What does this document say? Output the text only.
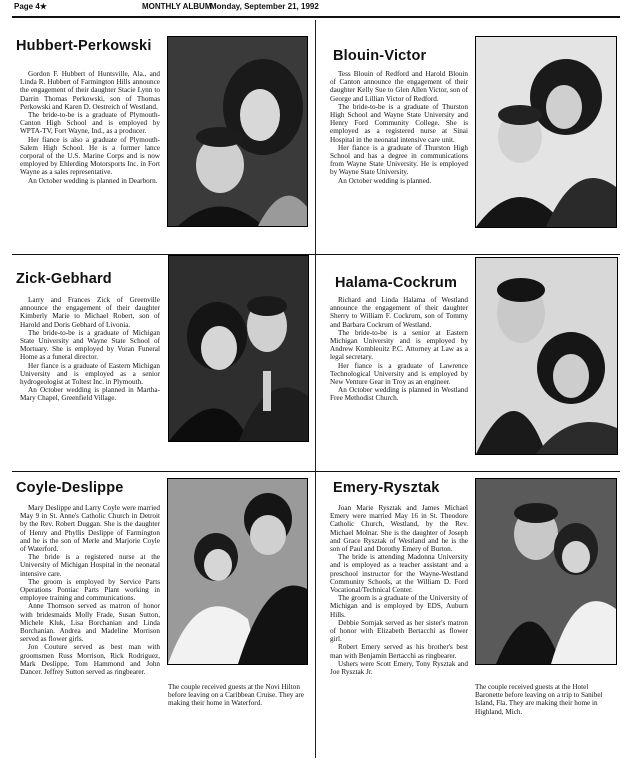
Page 4★	MONTHLY ALBUM
Monday, September 21, 1992
Hubbert-Perkowski

Gordon F. Hubbert of Huntsville, Ala., and Linda R. Hubbert of Farmington Hills announce the engagement of their daughter Stacie Lynn to Darrin Thomas Perkowski, son of Thomas Perkowski and Karen D. Oestreich of Westland.

The bride-to-be is a graduate of Plymouth-Canton High School and is employed by WPTA-TV, Fort Wayne, Ind., as a producer.

Her fiance is also a graduate of Plymouth-Salem High School. He is a former lance corporal of the U.S. Marine Corps and is now employed by Ehlerding Motorsports Inc. in Fort Wayne as a sales representative.

An October wedding is planned in Dearborn.

Blouin-Victor

Tess Blouin of Redford and Harold Blouin of Canton announce the engagement of their daughter Kelly Sue to Glen Allen Victor, son of George and Lillian Victor of Redford.

The bride-to-be is a graduate of Thurston High School and Wayne State University and Henry Ford Community College. She is employed as a registered nurse at Sinai Hospital in the neonatal intensive care unit.

Her fiance is a graduate of Thurston High School and has a degree in communications from Wayne State University. He is employed by Wayne State University.

An October wedding is planned.

Zick-Gebhard

Larry and Frances Zick of Greenville announce the engagement of their daughter Kimberly Marie to Michael Robert, son of Harold and Doris Gebhard of Livonia.

The bride-to-be is a graduate of Michigan State University and Wayne State School of Mortuary. She is employed by Voran Funeral Home as a funeral director.

Her fiance is a graduate of Eastern Michigan University and is employed as a senior hydrogeologist at Toltest Inc. in Plymouth.

An October wedding is planned in Martha-Mary Chapel, Greenfield Village.

Halama-Cockrum

Richard and Linda Halama of Westland announce the engagement of their daughter Sherry to William F. Cockrum, son of Tommy and Barbara Cockrum of Westland.

The bride-to-be is a senior at Eastern Michigan University and is employed by Andrew Kombleuitz P.C. Attorney at Law as a legal secretary.

Her fiance is a graduate of Lawrence Technological University and is employed by New Venture Gear in Troy as an engineer.

An October wedding is planned in Westland Free Methodist Church.

Coyle-Deslippe

Mary Deslippe and Larry Coyle were married May 9 in St. Anne's Catholic Church in Detroit by the Rev. Robert Duggan. She is the daughter of Henry and Phyllis Deslippe of Farmington and he is the son of Merle and Marjorie Coyle of Waterford.

The bride is a registered nurse at the University of Michigan Hospital in the neonatal intensive care.

The groom is employed by Service Parts Operations Pontiac Parts Plant working in employee training and communications.

Anne Thomson served as matron of honor with bridesmaids Molly Frade, Susan Sutton, Michele Kluk, Lisa Borchanian and Linda Borchanian. Andrea and Madeline Morrison served as flower girls.

Jon Couture served as best man with groomsmen Russ Morrison, Rick Rodriguez, Mark Deslippe, Tom Hammond and John Dancer. Jeffrey Sutton served as ringbearer.

The couple received guests at the Novi Hilton before leaving on a Caribbean Cruise. They are making their home in Waterford.
Emery-Rysztak

Joan Marie Rysztak and James Michael Emery were married May 16 in St. Theodore Catholic Church, Westland, by the Rev. Michael Molnar. She is the daughter of Joseph and Grace Rysztak of Westland and he is the son of Paul and Dorothy Emery of Burton.

The bride is attending Madonna University and is employed as a teacher assistant and a preschool instructor for the Wayne-Westland Community Schools, at the William D. Ford Vocational/Technical Center.

The groom is a graduate of the University of Michigan and is employed by EDS, Auburn Hills.

Debbie Somjak served as her sister's matron of honor with Elizabeth Bertacchi as flower girl.

Robert Emery served as his brother's best man with Benjamin Bertacchi as ringbearer.

Ushers were Scott Emery, Tony Rysztak and Joe Rysztak Jr.

The couple received guests at the Hotel Baronette before leaving on a trip to Sanibel Island, Fla. They are making their home in Highland, Mich.
